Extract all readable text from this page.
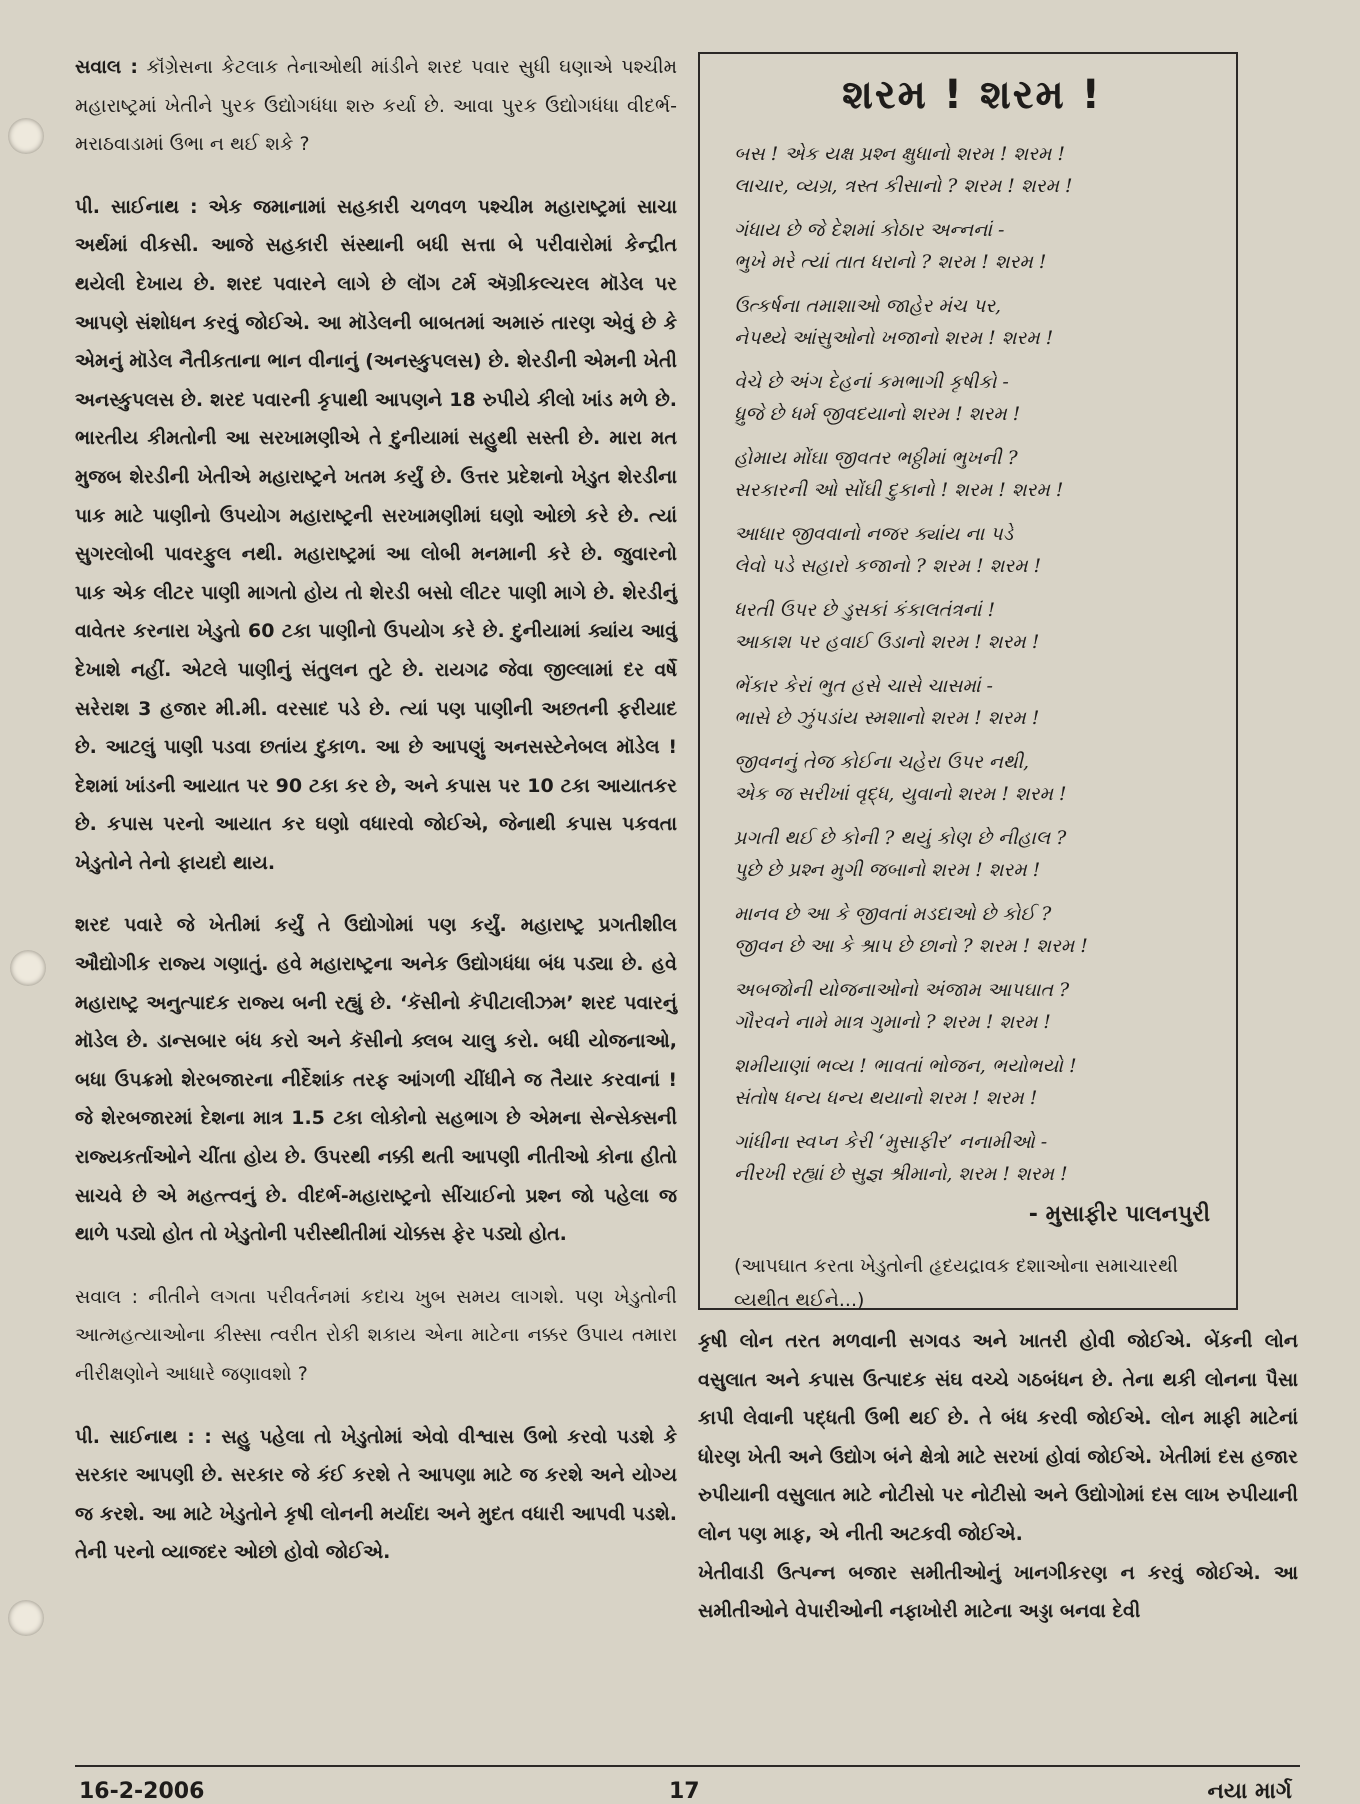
સવાલ : કૉંગ્રેસના કેટલાક તેનાઓથી માંડીને શરદ પવાર સુધી ઘણાએ પશ્ચીમ મહારાષ્ટ્રમાં ખેતીને પુરક ઉદ્યોગધંધા શરુ કર્યા છે. આવા પુરક ઉદ્યોગધંધા વીદર્ભ-મરાઠવાડામાં ઉભા ન થઈ શકે ?

પી. સાઈનાથ : એક જમાનામાં સહકારી ચળવળ પશ્ચીમ મહારાષ્ટ્રમાં સાચા અર્થમાં વીકસી. આજે સહકારી સંસ્થાની બધી સત્તા બે પરીવારોમાં કેન્દ્રીત થયેલી દેખાય છે. શરદ પવારને લાગે છે લૉંગ ટર્મ ઍગ્રીકલ્ચરલ મૉડેલ પર આપણે સંશોધન કરવું જોઈએ. આ મૉડેલની બાબતમાં અમારું તારણ એવું છે કે એમનું મૉડેલ નૈતીકતાના ભાન વીનાનું (અનસ્કુપલસ) છે. શેરડીની એમની ખેતી અનસ્કુપલસ છે. શરદ પવારની કૃપાથી આપણને 18 રુપીયે કીલો ખાંડ મળે છે. ભારતીય કીમતોની આ સરખામણીએ તે દુનીયામાં સહુથી સસ્તી છે. મારા મત મુજબ શેરડીની ખેતીએ મહારાષ્ટ્રને ખતમ કર્યું છે. ઉત્તર પ્રદેશનો ખેડુત શેરડીના પાક માટે પાણીનો ઉપયોગ મહારાષ્ટ્રની સરખામણીમાં ઘણો ઓછો કરે છે. ત્યાં સુગરલોબી પાવરફુલ નથી. મહારાષ્ટ્રમાં આ લોબી મનમાની કરે છે. જુવારનો પાક એક લીટર પાણી માગતો હોય તો શેરડી બસો લીટર પાણી માગે છે. શેરડીનું વાવેતર કરનારા ખેડુતો 60 ટકા પાણીનો ઉપયોગ કરે છે. દુનીયામાં ક્યાંય આવું દેખાશે નહીં. એટલે પાણીનું સંતુલન તુટે છે. રાયગઢ જેવા જીલ્લામાં દર વર્ષે સરેરાશ 3 હજાર મી.મી. વરસાદ પડે છે. ત્યાં પણ પાણીની અછતની ફરીયાદ છે. આટલું પાણી પડવા છતાંય દુકાળ. આ છે આપણું અનસસ્ટેનેબલ મૉડેલ ! દેશમાં ખાંડની આયાત પર 90 ટકા કર છે, અને કપાસ પર 10 ટકા આયાતકર છે. કપાસ પરનો આયાત કર ઘણો વધારવો જોઈએ, જેનાથી કપાસ પકવતા ખેડુતોને તેનો ફાયદો થાય.

શરદ પવારે જે ખેતીમાં કર્યું તે ઉદ્યોગોમાં પણ કર્યું. મહારાષ્ટ્ર પ્રગતીશીલ ઔદ્યોગીક રાજ્ય ગણાતું. હવે મહારાષ્ટ્રના અનેક ઉદ્યોગધંધા બંધ પડ્યા છે. હવે મહારાષ્ટ્ર અનુત્પાદક રાજ્ય બની રહ્યું છે. ‘કૅસીનો કૅપીટાલીઝમ’ શરદ પવારનું મૉડેલ છે. ડાન્સબાર બંધ કરો અને કૅસીનો ક્લબ ચાલુ કરો. બધી યોજનાઓ, બધા ઉપક્રમો શેરબજારના નીર્દેશાંક તરફ આંગળી ચીંધીને જ તૈયાર કરવાનાં ! જે શેરબજારમાં દેશના માત્ર 1.5 ટકા લોકોનો સહભાગ છે એમના સેન્સેક્સની રાજ્યકર્તાઓને ચીંતા હોય છે. ઉપરથી નક્કી થતી આપણી નીતીઓ કોના હીતો સાચવે છે એ મહત્ત્વનું છે. વીદર્ભ-મહારાષ્ટ્રનો સીંચાઈનો પ્રશ્ન જો પહેલા જ થાળે પડ્યો હોત તો ખેડુતોની પરીસ્થીતીમાં ચોક્કસ ફેર પડ્યો હોત.

સવાલ : નીતીને લગતા પરીવર્તનમાં કદાચ ખુબ સમય લાગશે. પણ ખેડુતોની આત્મહત્યાઓના કીસ્સા ત્વરીત રોકી શકાય એના માટેના નક્કર ઉપાય તમારા નીરીક્ષણોને આધારે જણાવશો ?

પી. સાઈનાથ : : સહુ પહેલા તો ખેડુતોમાં એવો વીશ્વાસ ઉભો કરવો પડશે કે સરકાર આપણી છે. સરકાર જે કંઈ કરશે તે આપણા માટે જ કરશે અને યોગ્ય જ કરશે. આ માટે ખેડુતોને કૃષી લોનની મર્યાદા અને મુદત વધારી આપવી પડશે. તેની પરનો વ્યાજદર ઓછો હોવો જોઈએ.

શરમ ! શરમ !
બસ ! એક યક્ષ પ્રશ્ન ક્ષુધાનો શરમ ! શરમ !
લાચાર, વ્યગ્ર, ત્રસ્ત કીસાનો ? શરમ ! શરમ !
ગંધાય છે જે દેશમાં કોઠાર અન્નનાં -
ભુખે મરે ત્યાં તાત ધરાનો ? શરમ ! શરમ !
ઉત્કર્ષના તમાશાઓ જાહેર મંચ પર,
નેપથ્યે આંસુઓનો ખજાનો શરમ ! શરમ !
વેચે છે અંગ દેહનાં કમભાગી કૃષીકો -
ધ્રુજે છે ધર્મ જીવદયાનો શરમ ! શરમ !
હોમાય મોંઘા જીવતર ભઠ્ઠીમાં ભુખની ?
સરકારની ઓ સોંઘી દુકાનો ! શરમ ! શરમ !
આધાર જીવવાનો નજર ક્યાંય ના પડે
લેવો પડે સહારો કજાનો ? શરમ ! શરમ !
ધરતી ઉપર છે ડુસકાં કંકાલતંત્રનાં !
આકાશ પર હવાઈ ઉડાનો શરમ ! શરમ !
ભેંકાર કેરાં ભુત હસે ચાસે ચાસમાં -
ભાસે છે ઝુંપડાંય સ્મશાનો શરમ ! શરમ !
જીવનનું તેજ કોઈના ચહેરા ઉપર નથી,
એક જ સરીખાં વૃદ્ધ, યુવાનો શરમ ! શરમ !
પ્રગતી થઈ છે કોની ? થયું કોણ છે નીહાલ ?
પુછે છે પ્રશ્ન મુગી જબાનો શરમ ! શરમ !
માનવ છે આ કે જીવતાં મડદાઓ છે કોઈ ?
જીવન છે આ કે શ્રાપ છે છાનો ? શરમ ! શરમ !
અબજોની યોજનાઓનો અંજામ આપઘાત ?
ગૌરવને નામે માત્ર ગુમાનો ? શરમ ! શરમ !
શમીયાણાં ભવ્ય ! ભાવતાં ભોજન, ભયોભયો !
સંતોષ ધન્ય ધન્ય થયાનો શરમ ! શરમ !
ગાંધીના સ્વપ્ન કેરી ‘મુસાફીર’ નનામીઓ -
નીરખી રહ્યાં છે સુજ્ઞ શ્રીમાનો, શરમ ! શરમ !
- મુસાફીર પાલનપુરી
(આપઘાત કરતા ખેડુતોની હૃદયદ્રાવક દશાઓના સમાચારથી વ્યથીત થઈને...)

કૃષી લોન તરત મળવાની સગવડ અને ખાતરી હોવી જોઈએ. બેંકની લોન વસુલાત અને કપાસ ઉત્પાદક સંઘ વચ્ચે ગઠબંધન છે. તેના થકી લોનના પૈસા કાપી લેવાની પદ્ધતી ઉભી થઈ છે. તે બંધ કરવી જોઈએ. લોન માફી માટેનાં ધોરણ ખેતી અને ઉદ્યોગ બંને ક્ષેત્રો માટે સરખાં હોવાં જોઈએ. ખેતીમાં દસ હજાર રુપીયાની વસુલાત માટે નોટીસો પર નોટીસો અને ઉદ્યોગોમાં દસ લાખ રુપીયાની લોન પણ માફ, એ નીતી અટકવી જોઈએ.

ખેતીવાડી ઉત્પન્ન બજાર સમીતીઓનું ખાનગીકરણ ન કરવું જોઈએ. આ સમીતીઓને વેપારીઓની નફાખોરી માટેના અડ્ડા બનવા દેવી

16-2-2006	17	નયા માર્ગ
